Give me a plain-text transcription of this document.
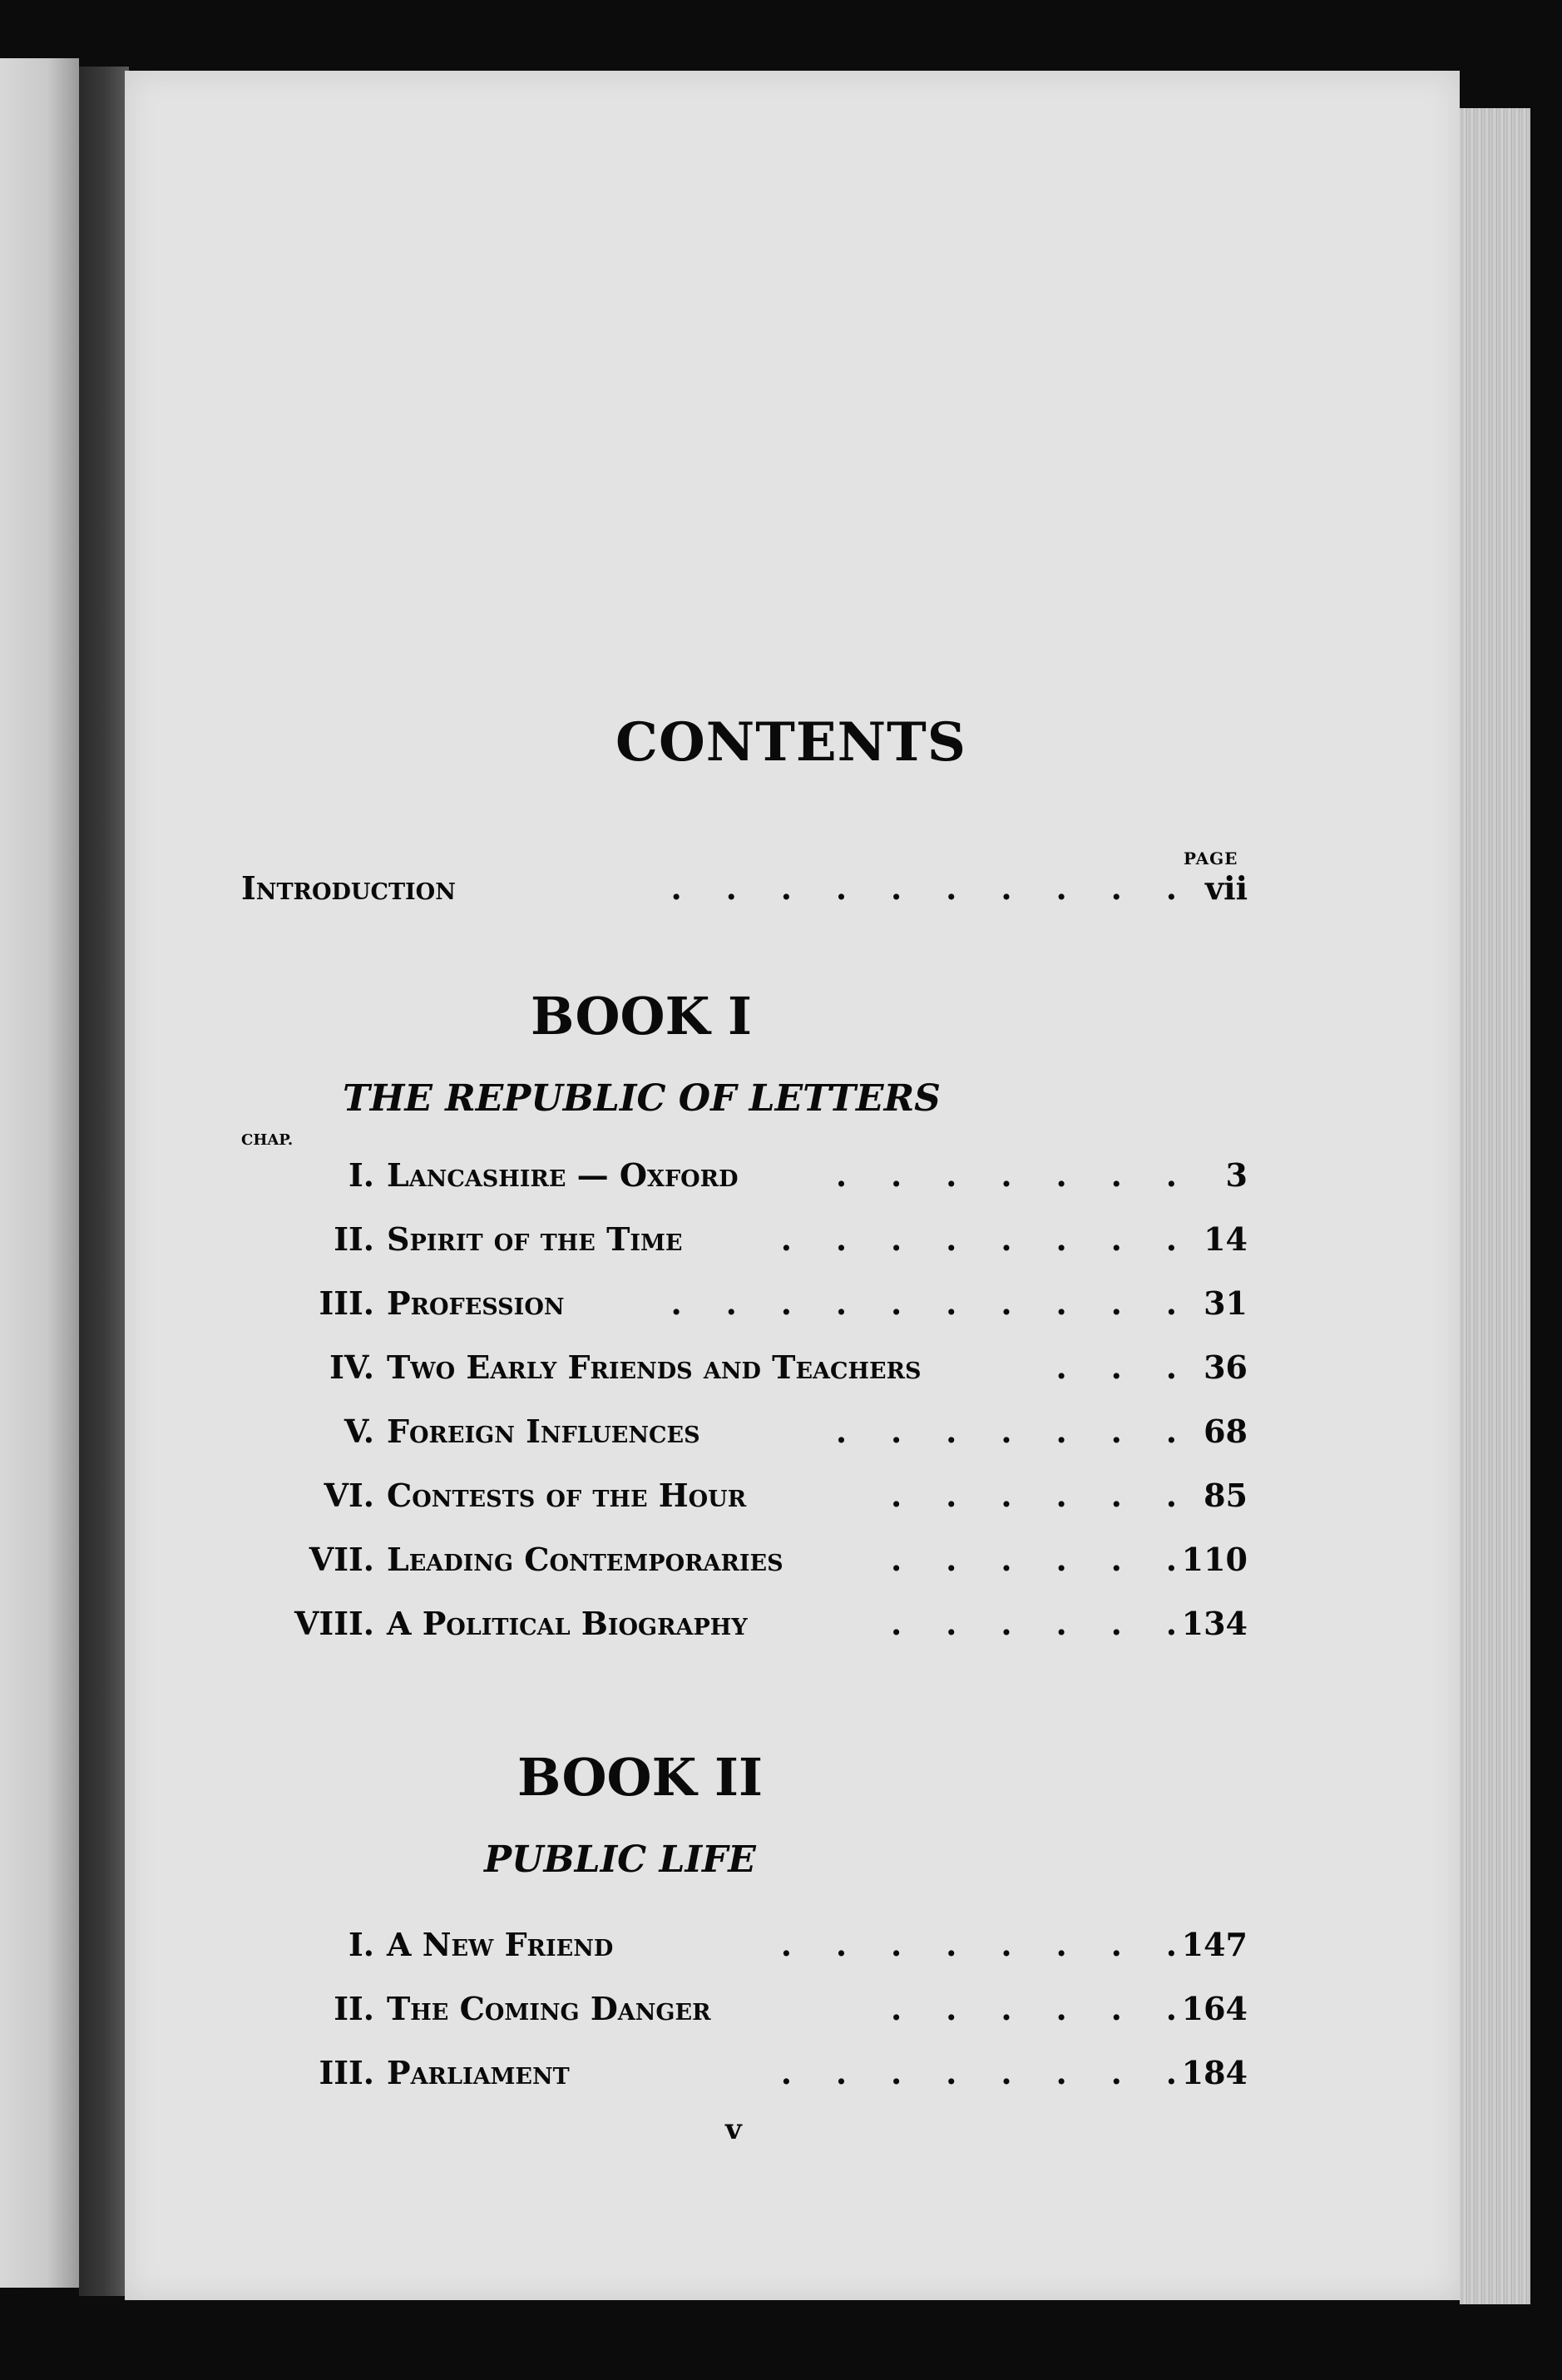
CONTENTS
PAGE
Introduction	.    .    .    .    .    .    .    .    .    . vii
BOOK I
THE REPUBLIC OF LETTERS
CHAP.
I. Lancashire — Oxford	.    .    .    .    .    .    . 3
II. Spirit of the Time	.    .    .    .    .    .    .    . 14
III. Profession	.    .    .    .    .    .    .    .    .    . 31
IV. Two Early Friends and Teachers	.    .    . 36
V. Foreign Influences	.    .    .    .    .    .    . 68
VI. Contests of the Hour	.    .    .    .    .    . 85
VII. Leading Contemporaries	.    .    .    .    .    . 110
VIII. A Political Biography	.    .    .    .    .    . 134
BOOK II
PUBLIC LIFE
I. A New Friend	.    .    .    .    .    .    .    . 147
II. The Coming Danger	.    .    .    .    .    . 164
III. Parliament	.    .    .    .    .    .    .    . 184
v
